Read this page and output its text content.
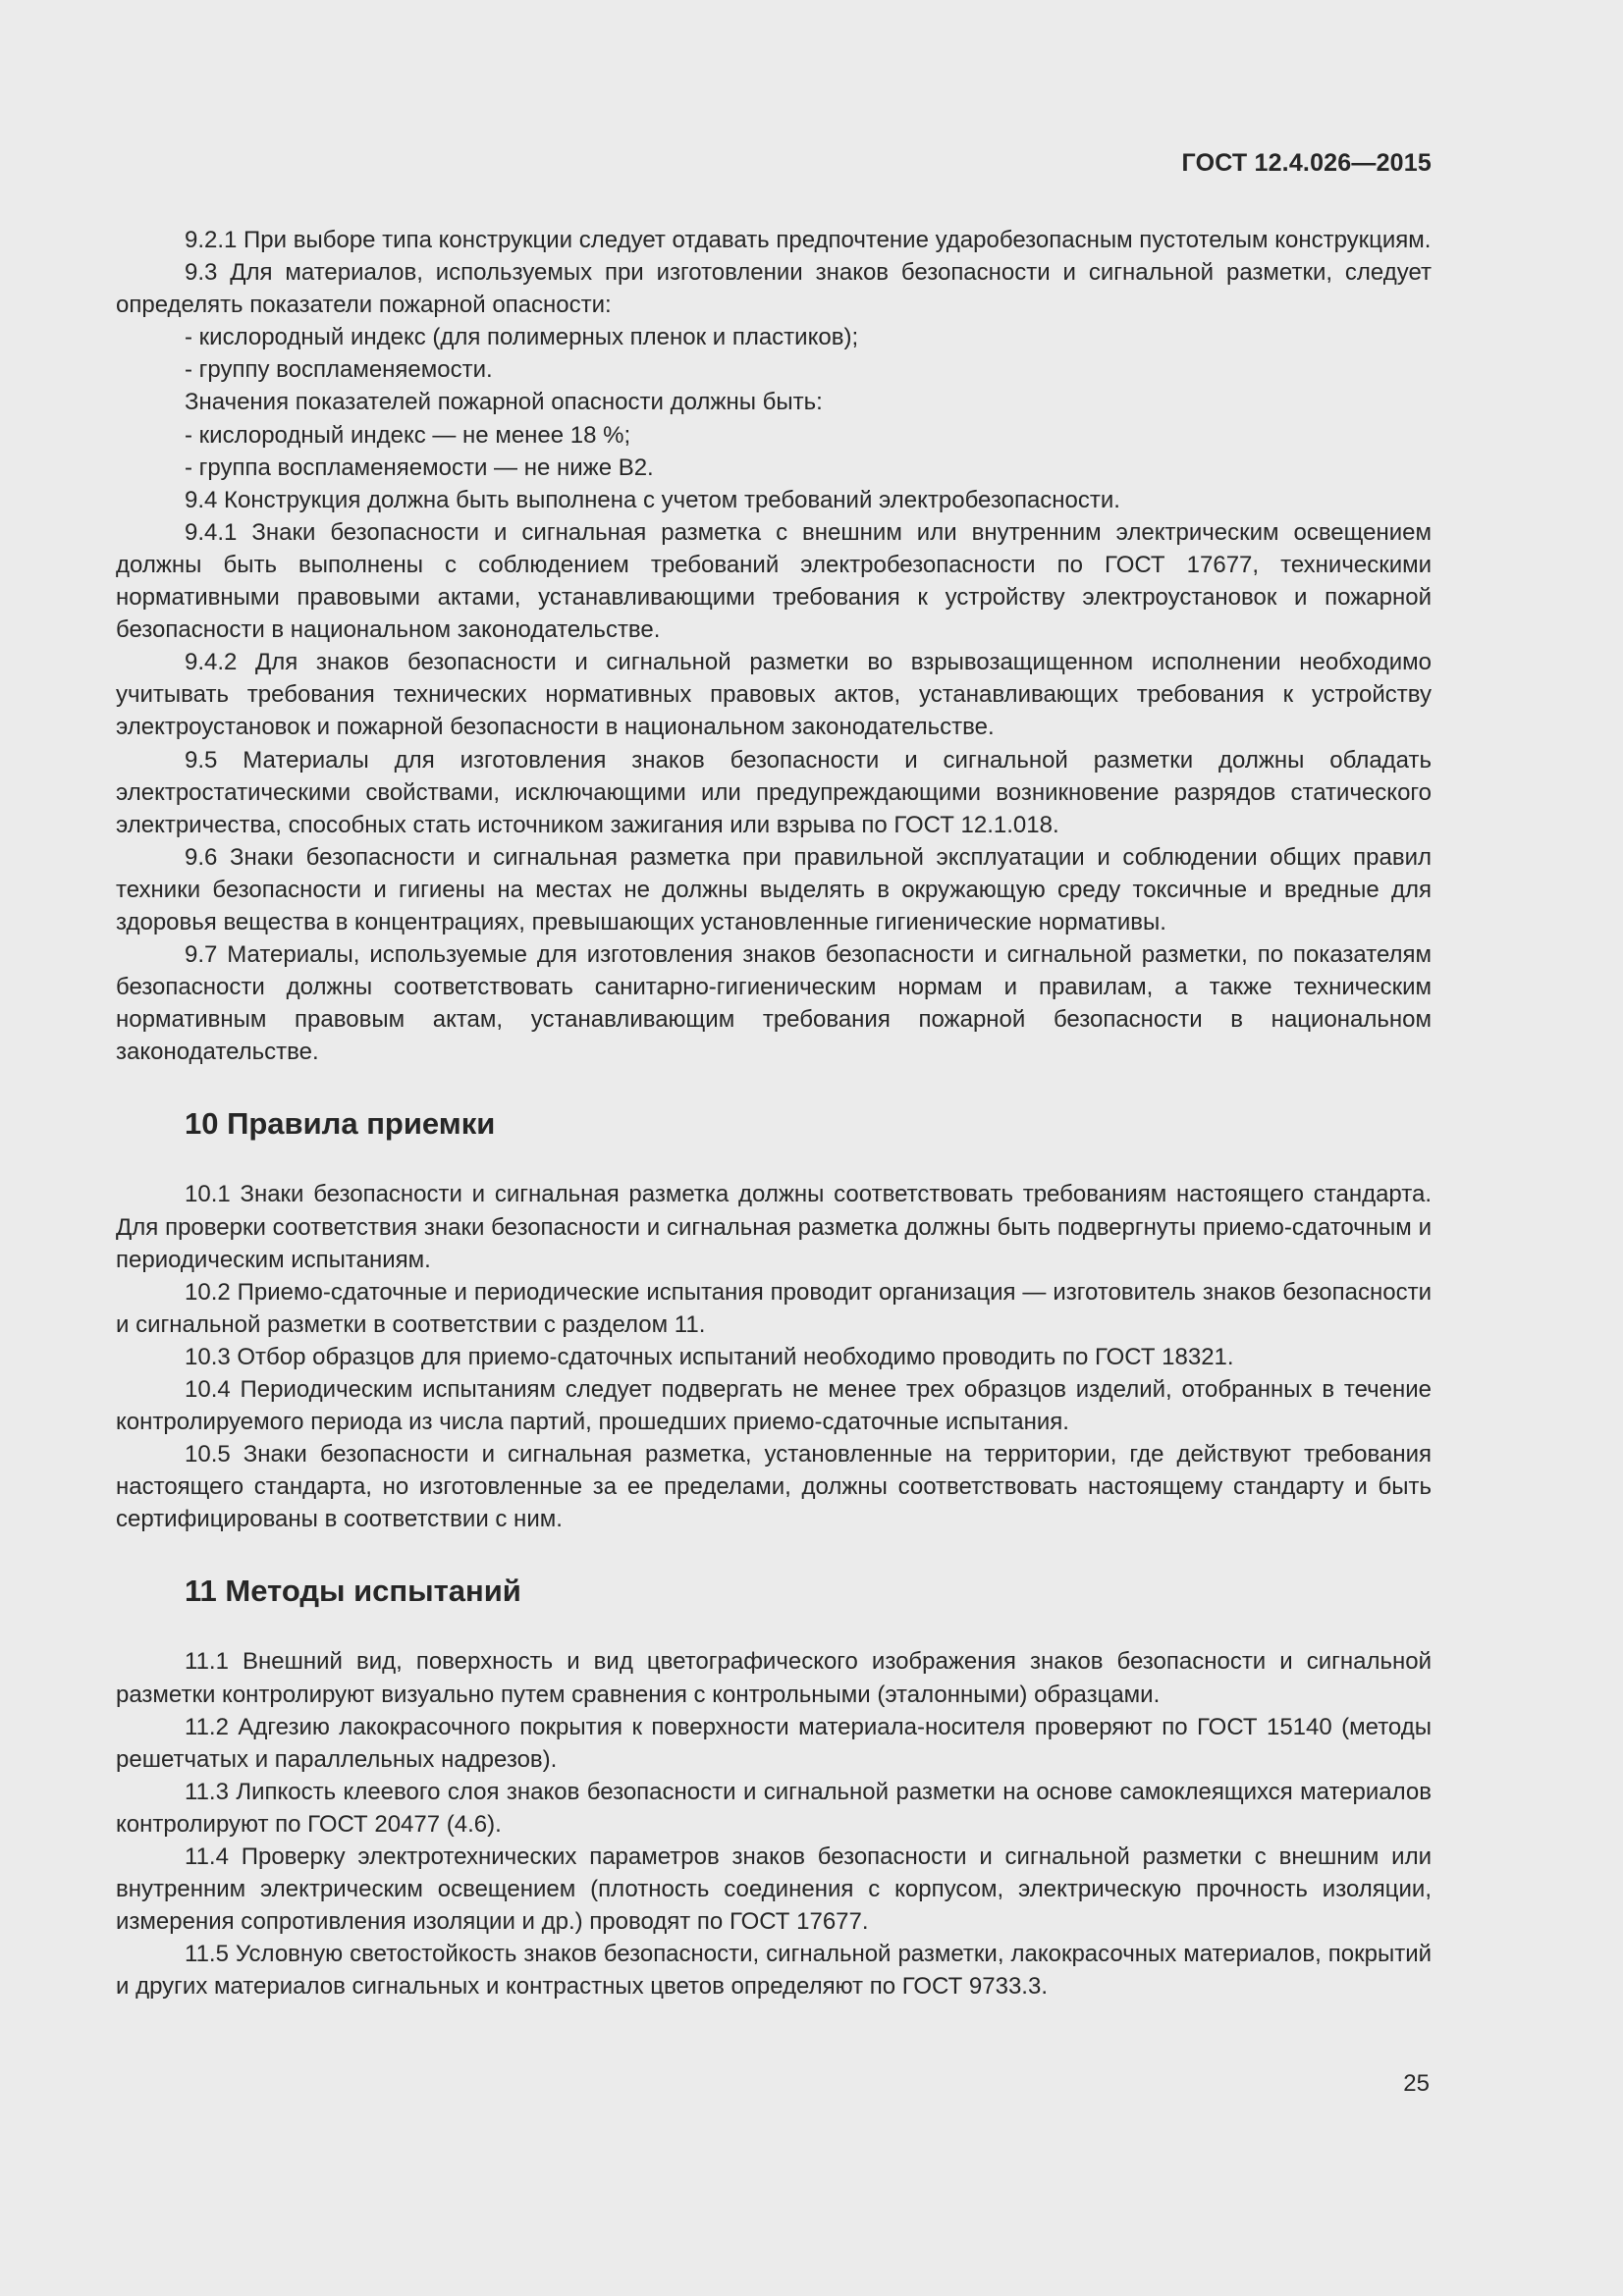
ГОСТ 12.4.026—2015

9.2.1 При выборе типа конструкции следует отдавать предпочтение ударобезопасным пустотелым конструкциям.

9.3 Для материалов, используемых при изготовлении знаков безопасности и сигнальной разметки, следует определять показатели пожарной опасности:

- кислородный индекс (для полимерных пленок и пластиков);

- группу воспламеняемости.

Значения показателей пожарной опасности должны быть:

- кислородный индекс — не менее 18 %;

- группа воспламеняемости — не ниже В2.

9.4 Конструкция должна быть выполнена с учетом требований электробезопасности.

9.4.1 Знаки безопасности и сигнальная разметка с внешним или внутренним электрическим освещением должны быть выполнены с соблюдением требований электробезопасности по ГОСТ 17677, техническими нормативными правовыми актами, устанавливающими требования к устройству электроустановок и пожарной безопасности в национальном законодательстве.

9.4.2 Для знаков безопасности и сигнальной разметки во взрывозащищенном исполнении необходимо учитывать требования технических нормативных правовых актов, устанавливающих требования к устройству электроустановок и пожарной безопасности в национальном законодательстве.

9.5 Материалы для изготовления знаков безопасности и сигнальной разметки должны обладать электростатическими свойствами, исключающими или предупреждающими возникновение разрядов статического электричества, способных стать источником зажигания или взрыва по ГОСТ 12.1.018.

9.6 Знаки безопасности и сигнальная разметка при правильной эксплуатации и соблюдении общих правил техники безопасности и гигиены на местах не должны выделять в окружающую среду токсичные и вредные для здоровья вещества в концентрациях, превышающих установленные гигиенические нормативы.

9.7 Материалы, используемые для изготовления знаков безопасности и сигнальной разметки, по показателям безопасности должны соответствовать санитарно-гигиеническим нормам и правилам, а также техническим нормативным правовым актам, устанавливающим требования пожарной безопасности в национальном законодательстве.

10 Правила приемки

10.1 Знаки безопасности и сигнальная разметка должны соответствовать требованиям настоящего стандарта. Для проверки соответствия знаки безопасности и сигнальная разметка должны быть подвергнуты приемо-сдаточным и периодическим испытаниям.

10.2 Приемо-сдаточные и периодические испытания проводит организация — изготовитель знаков безопасности и сигнальной разметки в соответствии с разделом 11.

10.3 Отбор образцов для приемо-сдаточных испытаний необходимо проводить по ГОСТ 18321.

10.4 Периодическим испытаниям следует подвергать не менее трех образцов изделий, отобранных в течение контролируемого периода из числа партий, прошедших приемо-сдаточные испытания.

10.5 Знаки безопасности и сигнальная разметка, установленные на территории, где действуют требования настоящего стандарта, но изготовленные за ее пределами, должны соответствовать настоящему стандарту и быть сертифицированы в соответствии с ним.

11 Методы испытаний

11.1 Внешний вид, поверхность и вид цветографического изображения знаков безопасности и сигнальной разметки контролируют визуально путем сравнения с контрольными (эталонными) образцами.

11.2 Адгезию лакокрасочного покрытия к поверхности материала-носителя проверяют по ГОСТ 15140 (методы решетчатых и параллельных надрезов).

11.3 Липкость клеевого слоя знаков безопасности и сигнальной разметки на основе самоклеящихся материалов контролируют по ГОСТ 20477 (4.6).

11.4 Проверку электротехнических параметров знаков безопасности и сигнальной разметки с внешним или внутренним электрическим освещением (плотность соединения с корпусом, электрическую прочность изоляции, измерения сопротивления изоляции и др.) проводят по ГОСТ 17677.

11.5 Условную светостойкость знаков безопасности, сигнальной разметки, лакокрасочных материалов, покрытий и других материалов сигнальных и контрастных цветов определяют по ГОСТ 9733.3.

25
